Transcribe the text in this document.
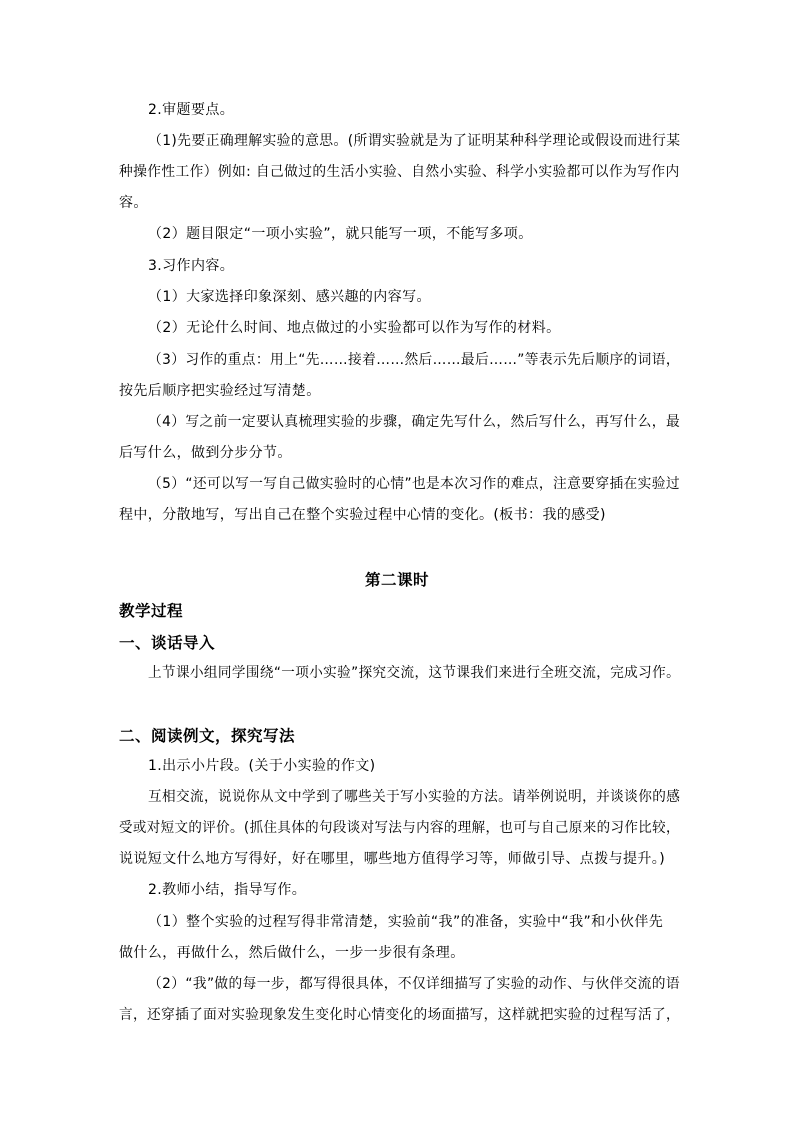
2.审题要点。
（1)先要正确理解实验的意思。(所谓实验就是为了证明某种科学理论或假设而进行某
种操作性工作）例如: 自己做过的生活小实验、自然小实验、科学小实验都可以作为写作内
容。
（2）题目限定“一项小实验”，就只能写一项，不能写多项。
3.习作内容。
（1）大家选择印象深刻、感兴趣的内容写。
（2）无论什么时间、地点做过的小实验都可以作为写作的材料。
（3）习作的重点：用上“先……接着……然后……最后……”等表示先后顺序的词语，
按先后顺序把实验经过写清楚。
（4）写之前一定要认真梳理实验的步骤，确定先写什么，然后写什么，再写什么，最
后写什么，做到分步分节。
（5）“还可以写一写自己做实验时的心情”也是本次习作的难点，注意要穿插在实验过
程中，分散地写，写出自己在整个实验过程中心情的变化。(板书：我的感受)
第二课时
教学过程
一、谈话导入
上节课小组同学围绕“一项小实验”探究交流，这节课我们来进行全班交流，完成习作。
二、阅读例文，探究写法
1.出示小片段。(关于小实验的作文)
互相交流，说说你从文中学到了哪些关于写小实验的方法。请举例说明，并谈谈你的感
受或对短文的评价。(抓住具体的句段谈对写法与内容的理解，也可与自己原来的习作比较，
说说短文什么地方写得好，好在哪里，哪些地方值得学习等，师做引导、点拨与提升。)
2.教师小结，指导写作。
（1）整个实验的过程写得非常清楚，实验前“我”的准备，实验中“我”和小伙伴先
做什么，再做什么，然后做什么，一步一步很有条理。
（2）“我”做的每一步，都写得很具体，不仅详细描写了实验的动作、与伙伴交流的语
言，还穿插了面对实验现象发生变化时心情变化的场面描写，这样就把实验的过程写活了，
